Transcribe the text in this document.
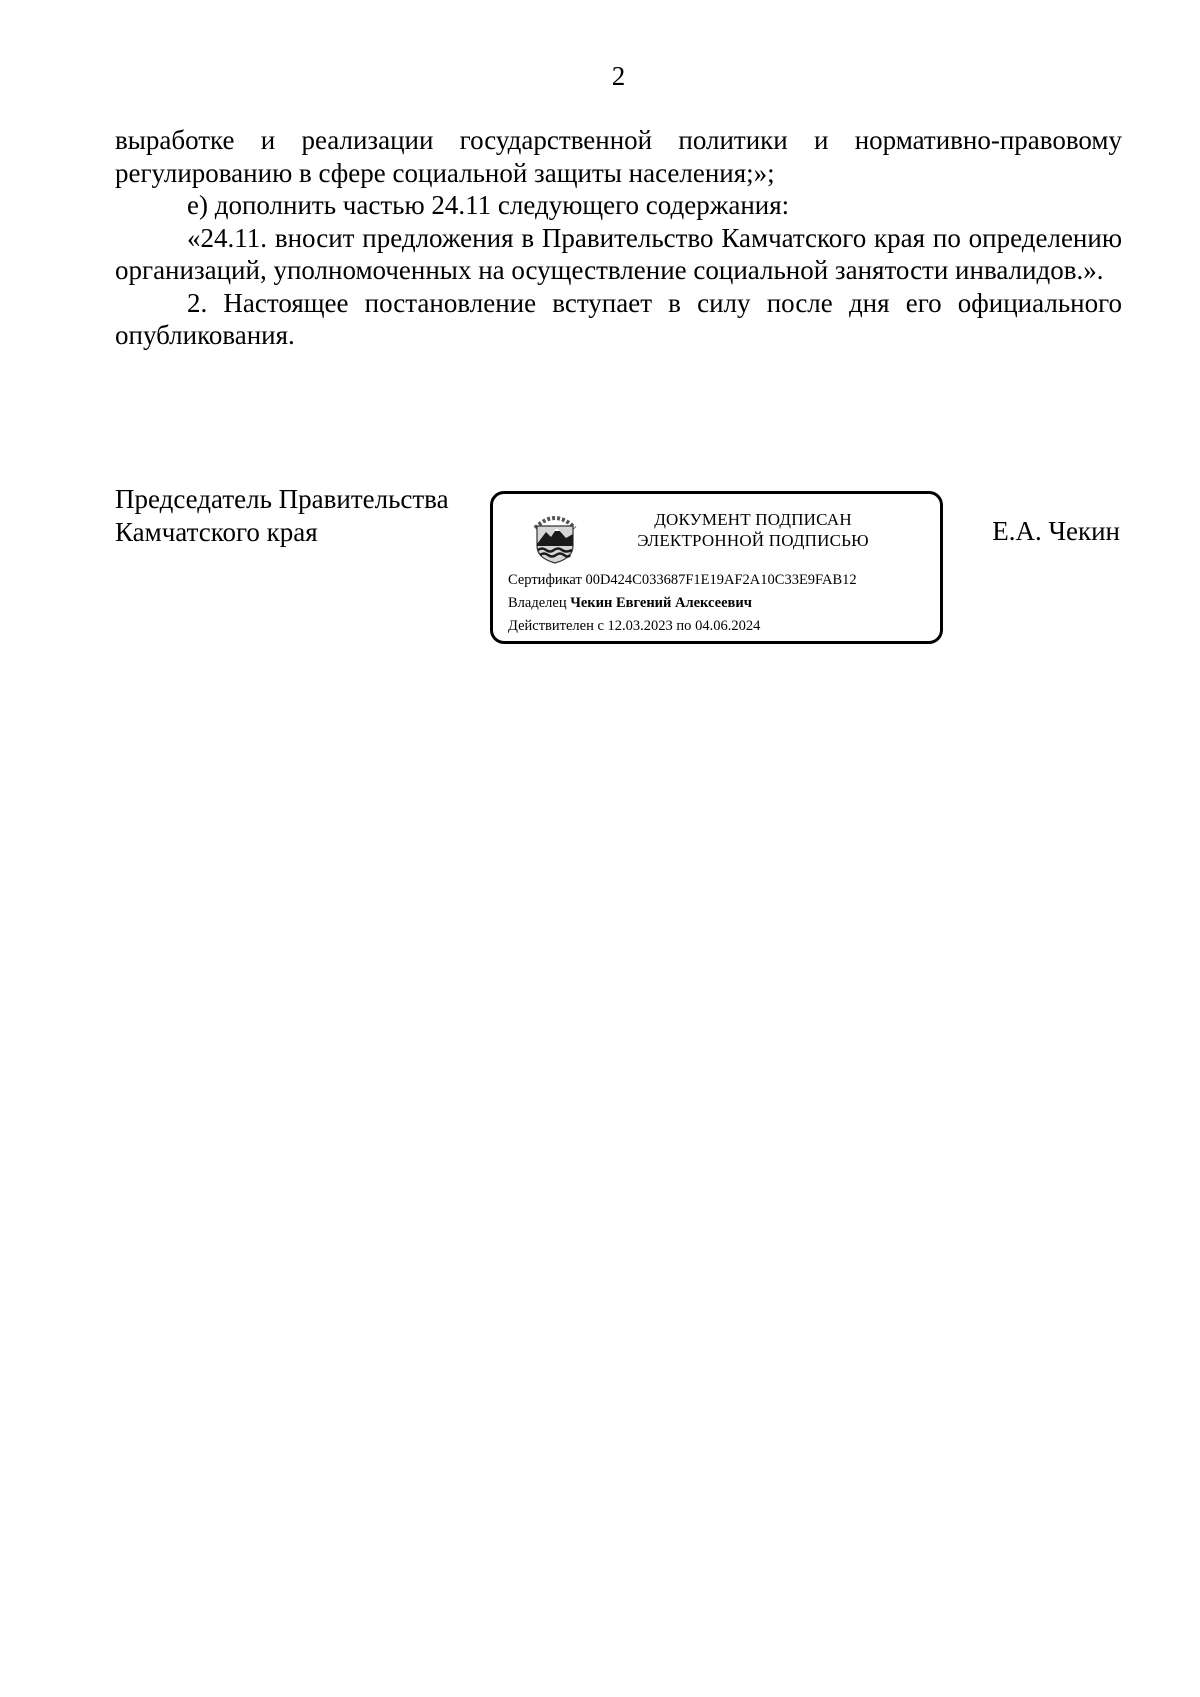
2

выработке и реализации государственной политики и нормативно-правовому регулированию в сфере социальной защиты населения;»;

е) дополнить частью 24.11 следующего содержания:

«24.11. вносит предложения в Правительство Камчатского края по определению организаций, уполномоченных на осуществление социальной занятости инвалидов.».

2. Настоящее постановление вступает в силу после дня его официального опубликования.

Председатель Правительства
Камчатского края	ДОКУМЕНТ ПОДПИСАН
ЭЛЕКТРОННОЙ ПОДПИСЬЮ
Сертификат 00D424C033687F1E19AF2A10C33E9FAB12
Владелец Чекин Евгений Алексеевич
Действителен с 12.03.2023 по 04.06.2024
Е.А. Чекин
